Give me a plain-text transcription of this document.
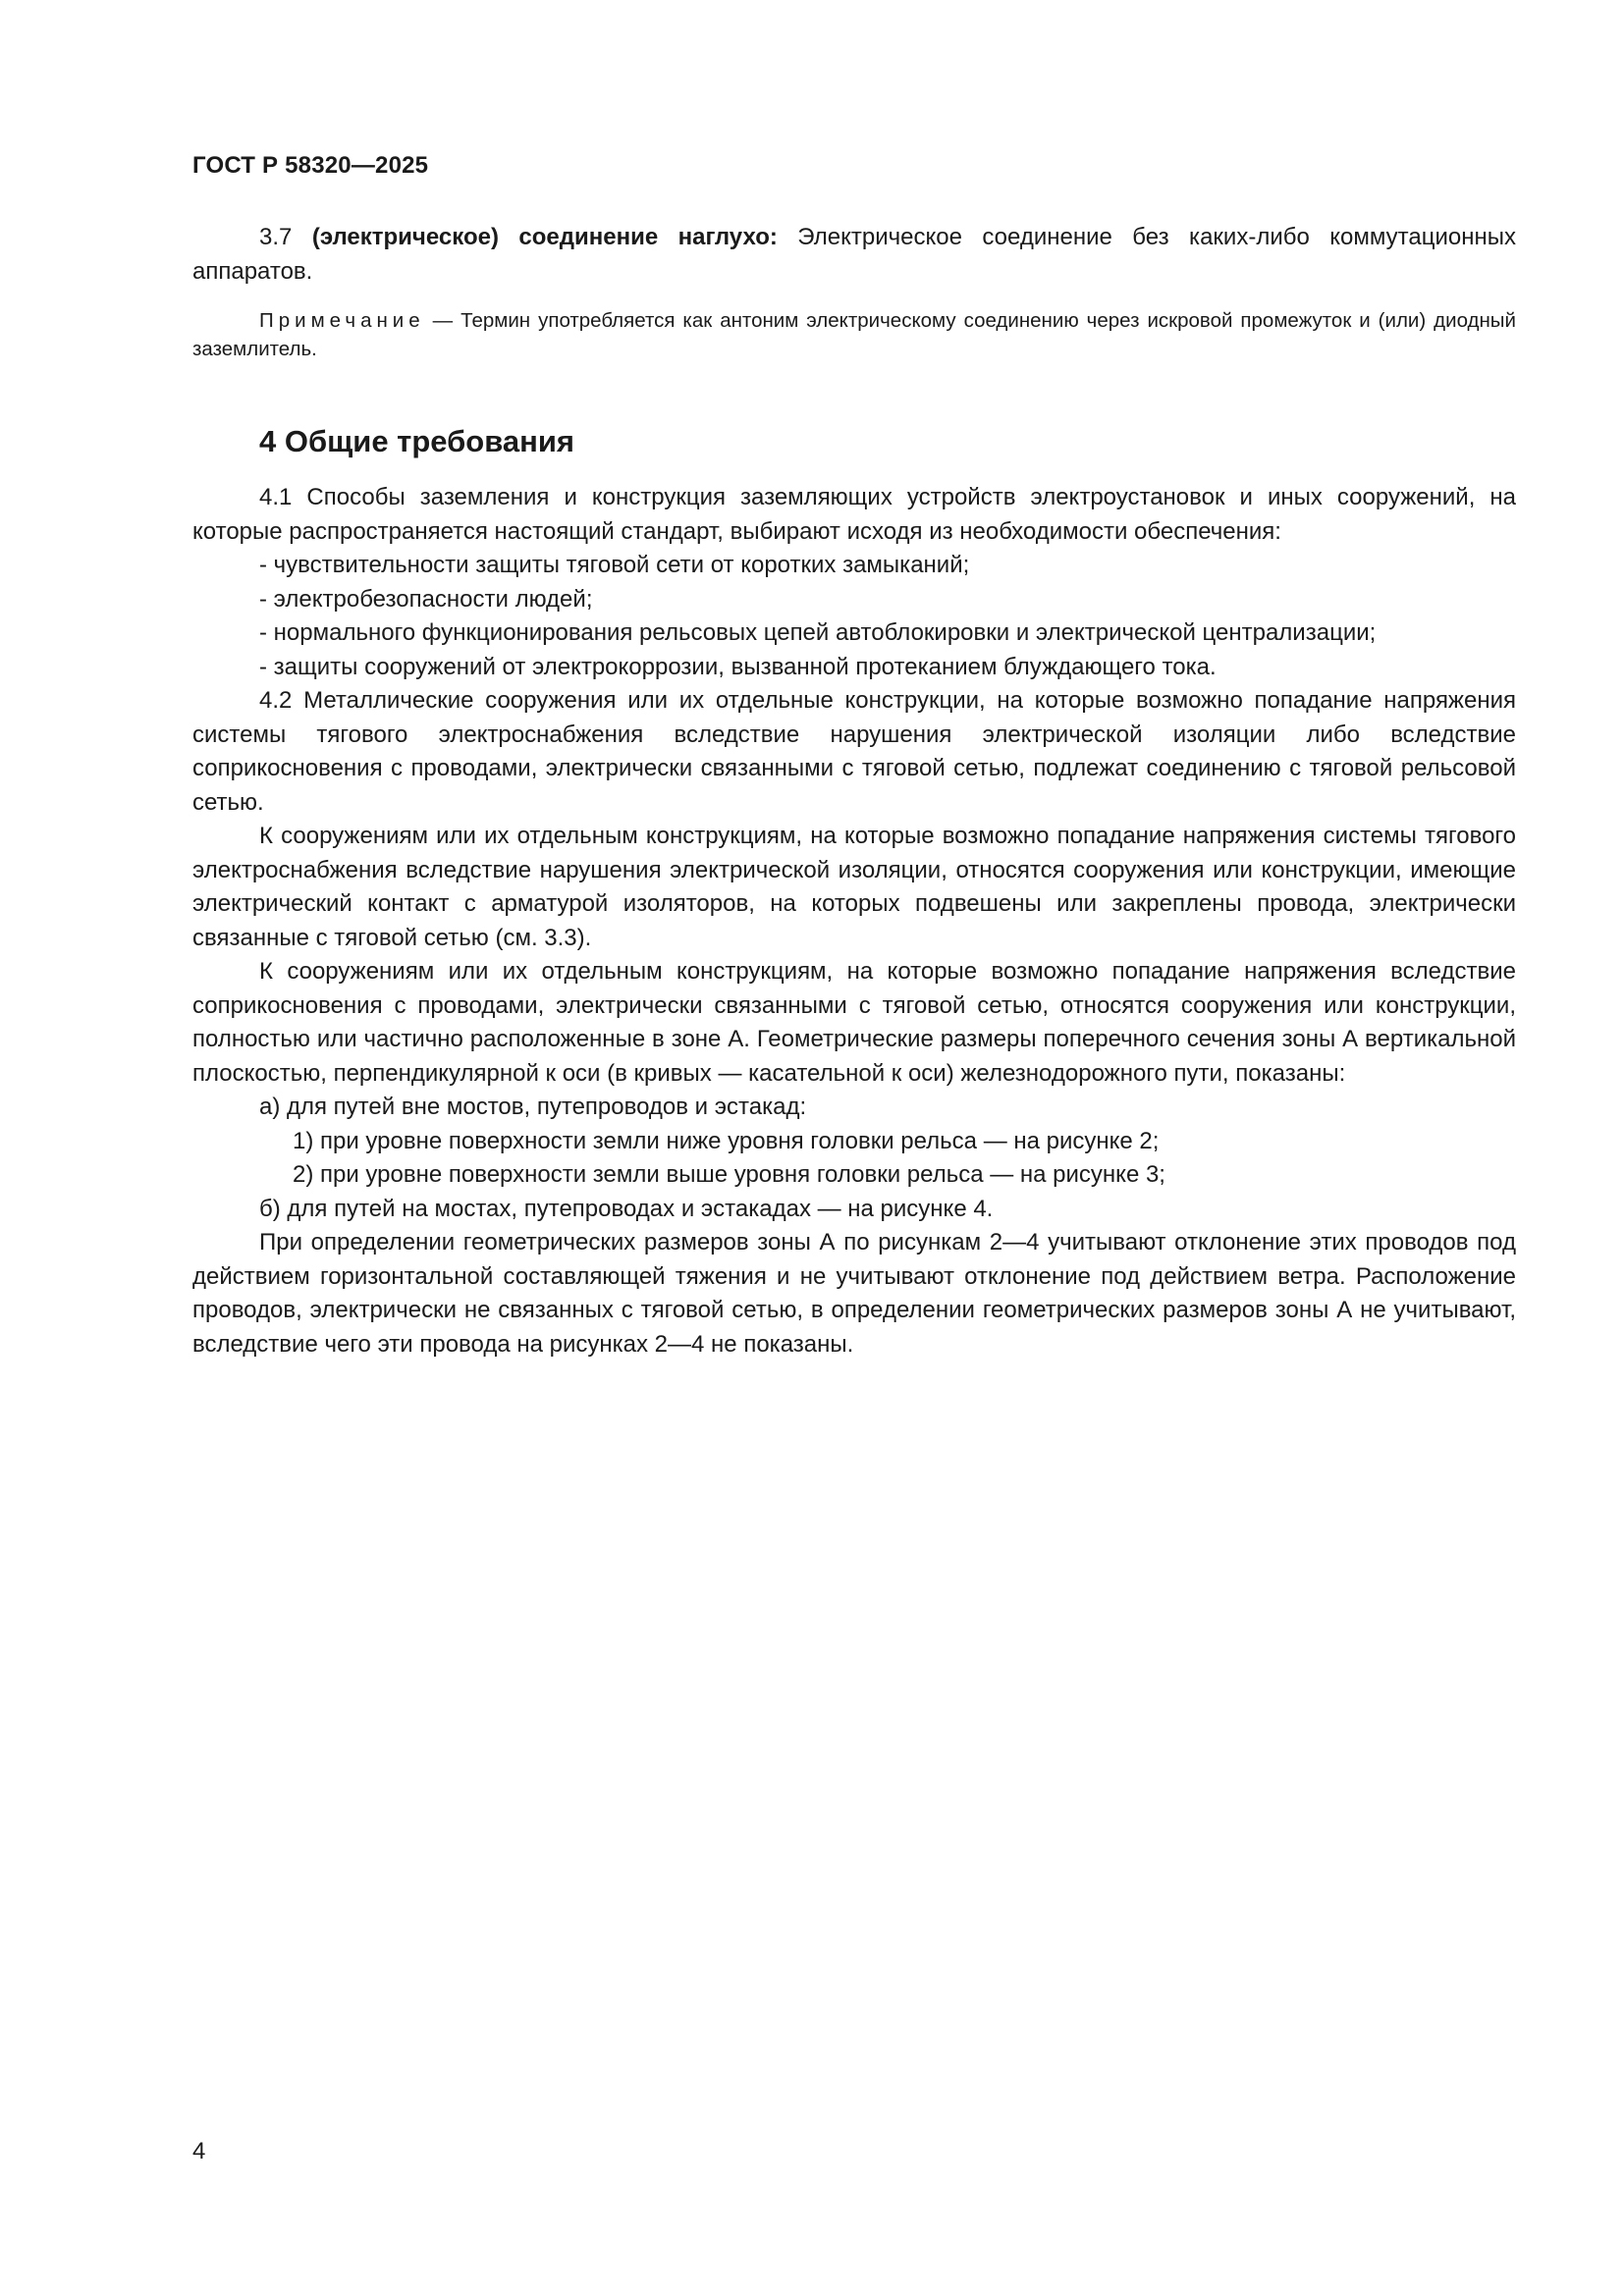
ГОСТ Р 58320—2025

3.7 (электрическое) соединение наглухо: Электрическое соединение без каких-либо коммутационных аппаратов.

Примечание — Термин употребляется как антоним электрическому соединению через искровой промежуток и (или) диодный заземлитель.

4 Общие требования

4.1 Способы заземления и конструкция заземляющих устройств электроустановок и иных сооружений, на которые распространяется настоящий стандарт, выбирают исходя из необходимости обеспечения:

- чувствительности защиты тяговой сети от коротких замыканий;

- электробезопасности людей;

- нормального функционирования рельсовых цепей автоблокировки и электрической централизации;

- защиты сооружений от электрокоррозии, вызванной протеканием блуждающего тока.

4.2 Металлические сооружения или их отдельные конструкции, на которые возможно попадание напряжения системы тягового электроснабжения вследствие нарушения электрической изоляции либо вследствие соприкосновения с проводами, электрически связанными с тяговой сетью, подлежат соединению с тяговой рельсовой сетью.

К сооружениям или их отдельным конструкциям, на которые возможно попадание напряжения системы тягового электроснабжения вследствие нарушения электрической изоляции, относятся сооружения или конструкции, имеющие электрический контакт с арматурой изоляторов, на которых подвешены или закреплены провода, электрически связанные с тяговой сетью (см. 3.3).

К сооружениям или их отдельным конструкциям, на которые возможно попадание напряжения вследствие соприкосновения с проводами, электрически связанными с тяговой сетью, относятся сооружения или конструкции, полностью или частично расположенные в зоне А. Геометрические размеры поперечного сечения зоны А вертикальной плоскостью, перпендикулярной к оси (в кривых — касательной к оси) железнодорожного пути, показаны:

а) для путей вне мостов, путепроводов и эстакад:

1) при уровне поверхности земли ниже уровня головки рельса — на рисунке 2;

2) при уровне поверхности земли выше уровня головки рельса — на рисунке 3;

б) для путей на мостах, путепроводах и эстакадах — на рисунке 4.

При определении геометрических размеров зоны А по рисункам 2—4 учитывают отклонение этих проводов под действием горизонтальной составляющей тяжения и не учитывают отклонение под действием ветра. Расположение проводов, электрически не связанных с тяговой сетью, в определении геометрических размеров зоны А не учитывают, вследствие чего эти провода на рисунках 2—4 не показаны.

4
